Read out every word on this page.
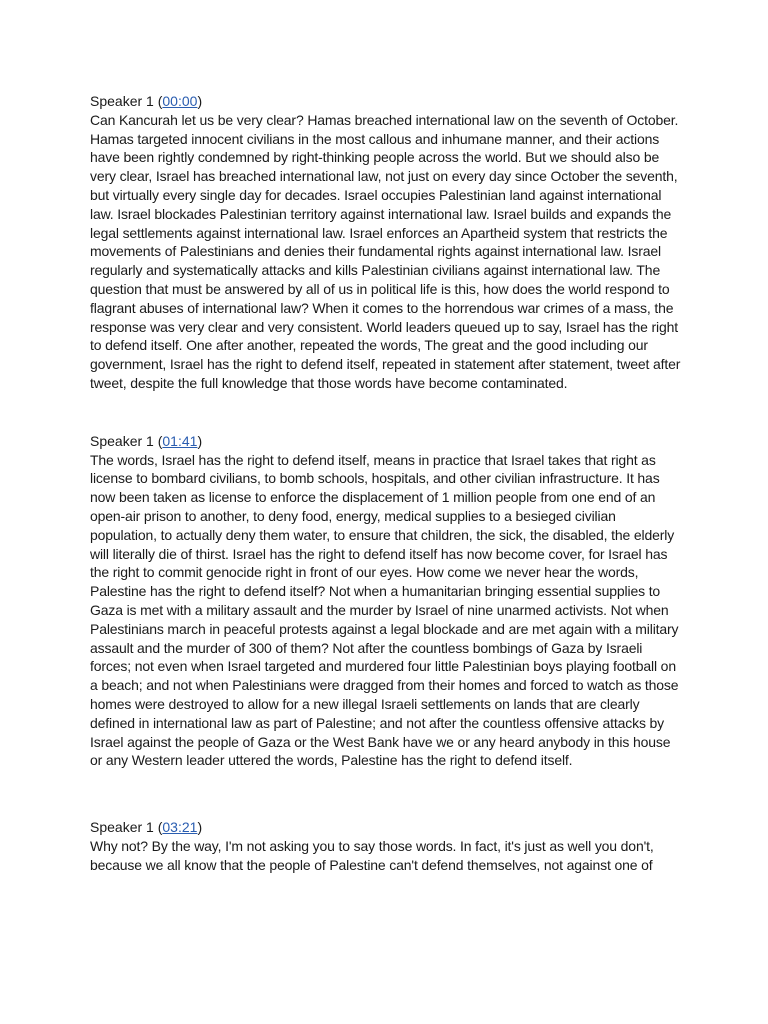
Speaker 1 (00:00)

Can Kancurah let us be very clear? Hamas breached international law on the seventh of October. Hamas targeted innocent civilians in the most callous and inhumane manner, and their actions have been rightly condemned by right-thinking people across the world. But we should also be very clear, Israel has breached international law, not just on every day since October the seventh, but virtually every single day for decades. Israel occupies Palestinian land against international law. Israel blockades Palestinian territory against international law. Israel builds and expands the legal settlements against international law. Israel enforces an Apartheid system that restricts the movements of Palestinians and denies their fundamental rights against international law. Israel regularly and systematically attacks and kills Palestinian civilians against international law. The question that must be answered by all of us in political life is this, how does the world respond to flagrant abuses of international law? When it comes to the horrendous war crimes of a mass, the response was very clear and very consistent. World leaders queued up to say, Israel has the right to defend itself. One after another, repeated the words, The great and the good including our government, Israel has the right to defend itself, repeated in statement after statement, tweet after tweet, despite the full knowledge that those words have become contaminated.

Speaker 1 (01:41)

The words, Israel has the right to defend itself, means in practice that Israel takes that right as license to bombard civilians, to bomb schools, hospitals, and other civilian infrastructure. It has now been taken as license to enforce the displacement of 1 million people from one end of an open-air prison to another, to deny food, energy, medical supplies to a besieged civilian population, to actually deny them water, to ensure that children, the sick, the disabled, the elderly will literally die of thirst. Israel has the right to defend itself has now become cover, for Israel has the right to commit genocide right in front of our eyes. How come we never hear the words, Palestine has the right to defend itself? Not when a humanitarian bringing essential supplies to Gaza is met with a military assault and the murder by Israel of nine unarmed activists. Not when Palestinians march in peaceful protests against a legal blockade and are met again with a military assault and the murder of 300 of them? Not after the countless bombings of Gaza by Israeli forces; not even when Israel targeted and murdered four little Palestinian boys playing football on a beach; and not when Palestinians were dragged from their homes and forced to watch as those homes were destroyed to allow for a new illegal Israeli settlements on lands that are clearly defined in international law as part of Palestine; and not after the countless offensive attacks by Israel against the people of Gaza or the West Bank have we or any heard anybody in this house or any Western leader uttered the words, Palestine has the right to defend itself.

Speaker 1 (03:21)

Why not? By the way, I'm not asking you to say those words. In fact, it's just as well you don't, because we all know that the people of Palestine can't defend themselves, not against one of
